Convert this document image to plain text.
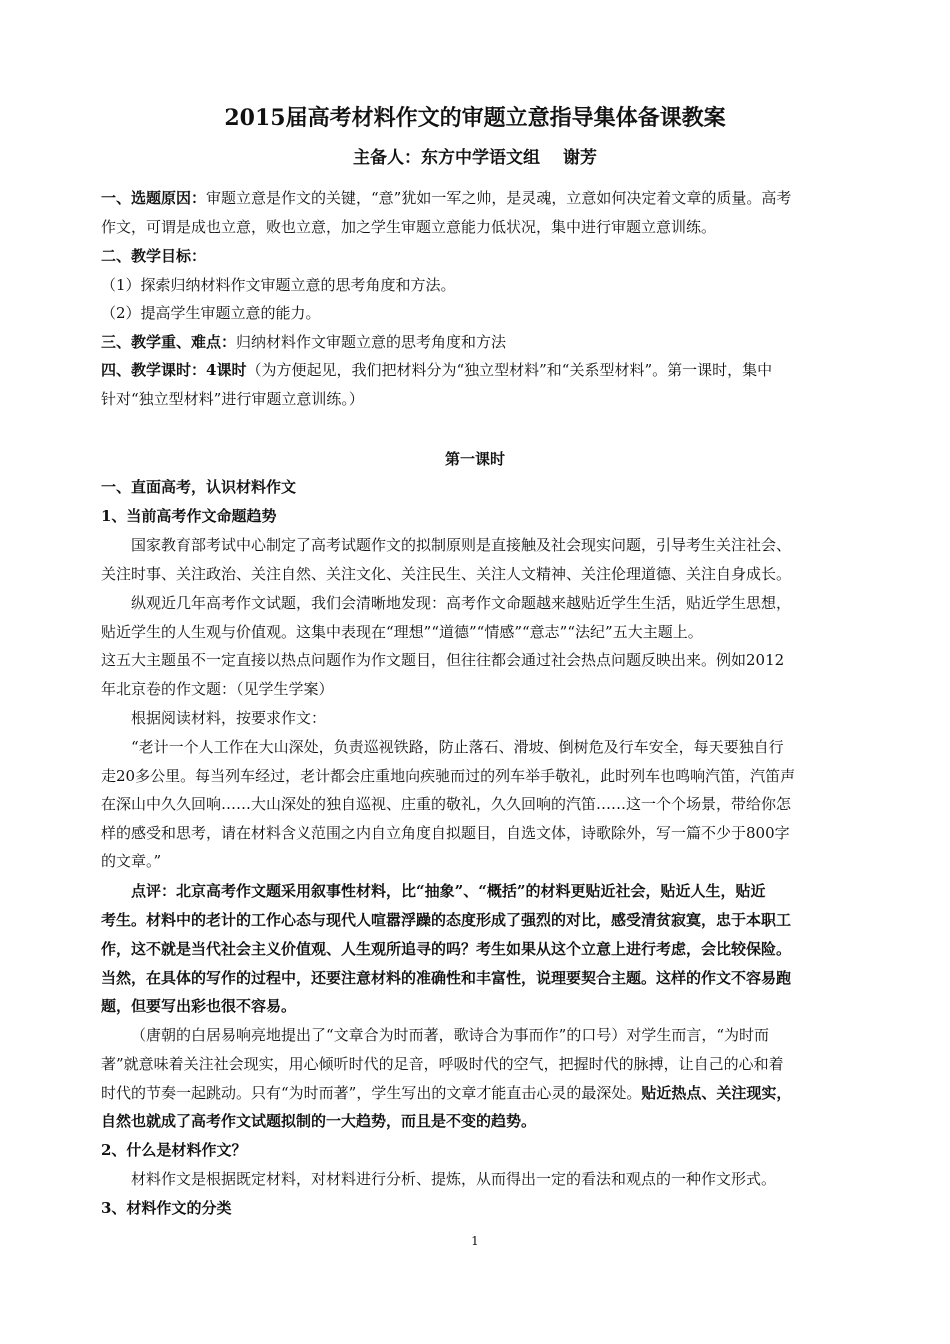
2015届高考材料作文的审题立意指导集体备课教案
主备人：东方中学语文组　 谢芳
一、选题原因：审题立意是作文的关键，“意”犹如一军之帅，是灵魂，立意如何决定着文章的质量。高考
作文，可谓是成也立意，败也立意，加之学生审题立意能力低状况，集中进行审题立意训练。
二、教学目标：
（1）探索归纳材料作文审题立意的思考角度和方法。
（2）提高学生审题立意的能力。
三、教学重、难点：归纳材料作文审题立意的思考角度和方法
四、教学课时：4课时（为方便起见，我们把材料分为“独立型材料”和“关系型材料”。第一课时，集中
针对“独立型材料”进行审题立意训练。）
第一课时
一、直面高考，认识材料作文
1、当前高考作文命题趋势
国家教育部考试中心制定了高考试题作文的拟制原则是直接触及社会现实问题，引导考生关注社会、
关注时事、关注政治、关注自然、关注文化、关注民生、关注人文精神、关注伦理道德、关注自身成长。
纵观近几年高考作文试题，我们会清晰地发现：高考作文命题越来越贴近学生生活，贴近学生思想，
贴近学生的人生观与价值观。这集中表现在“理想”“道德”“情感”“意志”“法纪”五大主题上。
这五大主题虽不一定直接以热点问题作为作文题目，但往往都会通过社会热点问题反映出来。例如2012
年北京卷的作文题：（见学生学案）
根据阅读材料，按要求作文：
“老计一个人工作在大山深处，负责巡视铁路，防止落石、滑坡、倒树危及行车安全，每天要独自行
走20多公里。每当列车经过，老计都会庄重地向疾驰而过的列车举手敬礼，此时列车也鸣响汽笛，汽笛声
在深山中久久回响……大山深处的独自巡视、庄重的敬礼，久久回响的汽笛……这一个个场景，带给你怎
样的感受和思考，请在材料含义范围之内自立角度自拟题目，自选文体，诗歌除外，写一篇不少于800字
的文章。”
点评：北京高考作文题采用叙事性材料，比“抽象”、“概括”的材料更贴近社会，贴近人生，贴近
考生。材料中的老计的工作心态与现代人喧嚣浮躁的态度形成了强烈的对比，感受清贫寂寞，忠于本职工
作，这不就是当代社会主义价值观、人生观所追寻的吗？考生如果从这个立意上进行考虑，会比较保险。
当然，在具体的写作的过程中，还要注意材料的准确性和丰富性，说理要契合主题。这样的作文不容易跑
题，但要写出彩也很不容易。
（唐朝的白居易响亮地提出了“文章合为时而著，歌诗合为事而作”的口号）对学生而言，“为时而
著”就意味着关注社会现实，用心倾听时代的足音，呼吸时代的空气，把握时代的脉搏，让自己的心和着
时代的节奏一起跳动。只有“为时而著”，学生写出的文章才能直击心灵的最深处。贴近热点、关注现实，
自然也就成了高考作文试题拟制的一大趋势，而且是不变的趋势。
2、什么是材料作文？
材料作文是根据既定材料，对材料进行分析、提炼，从而得出一定的看法和观点的一种作文形式。
3、材料作文的分类
1
